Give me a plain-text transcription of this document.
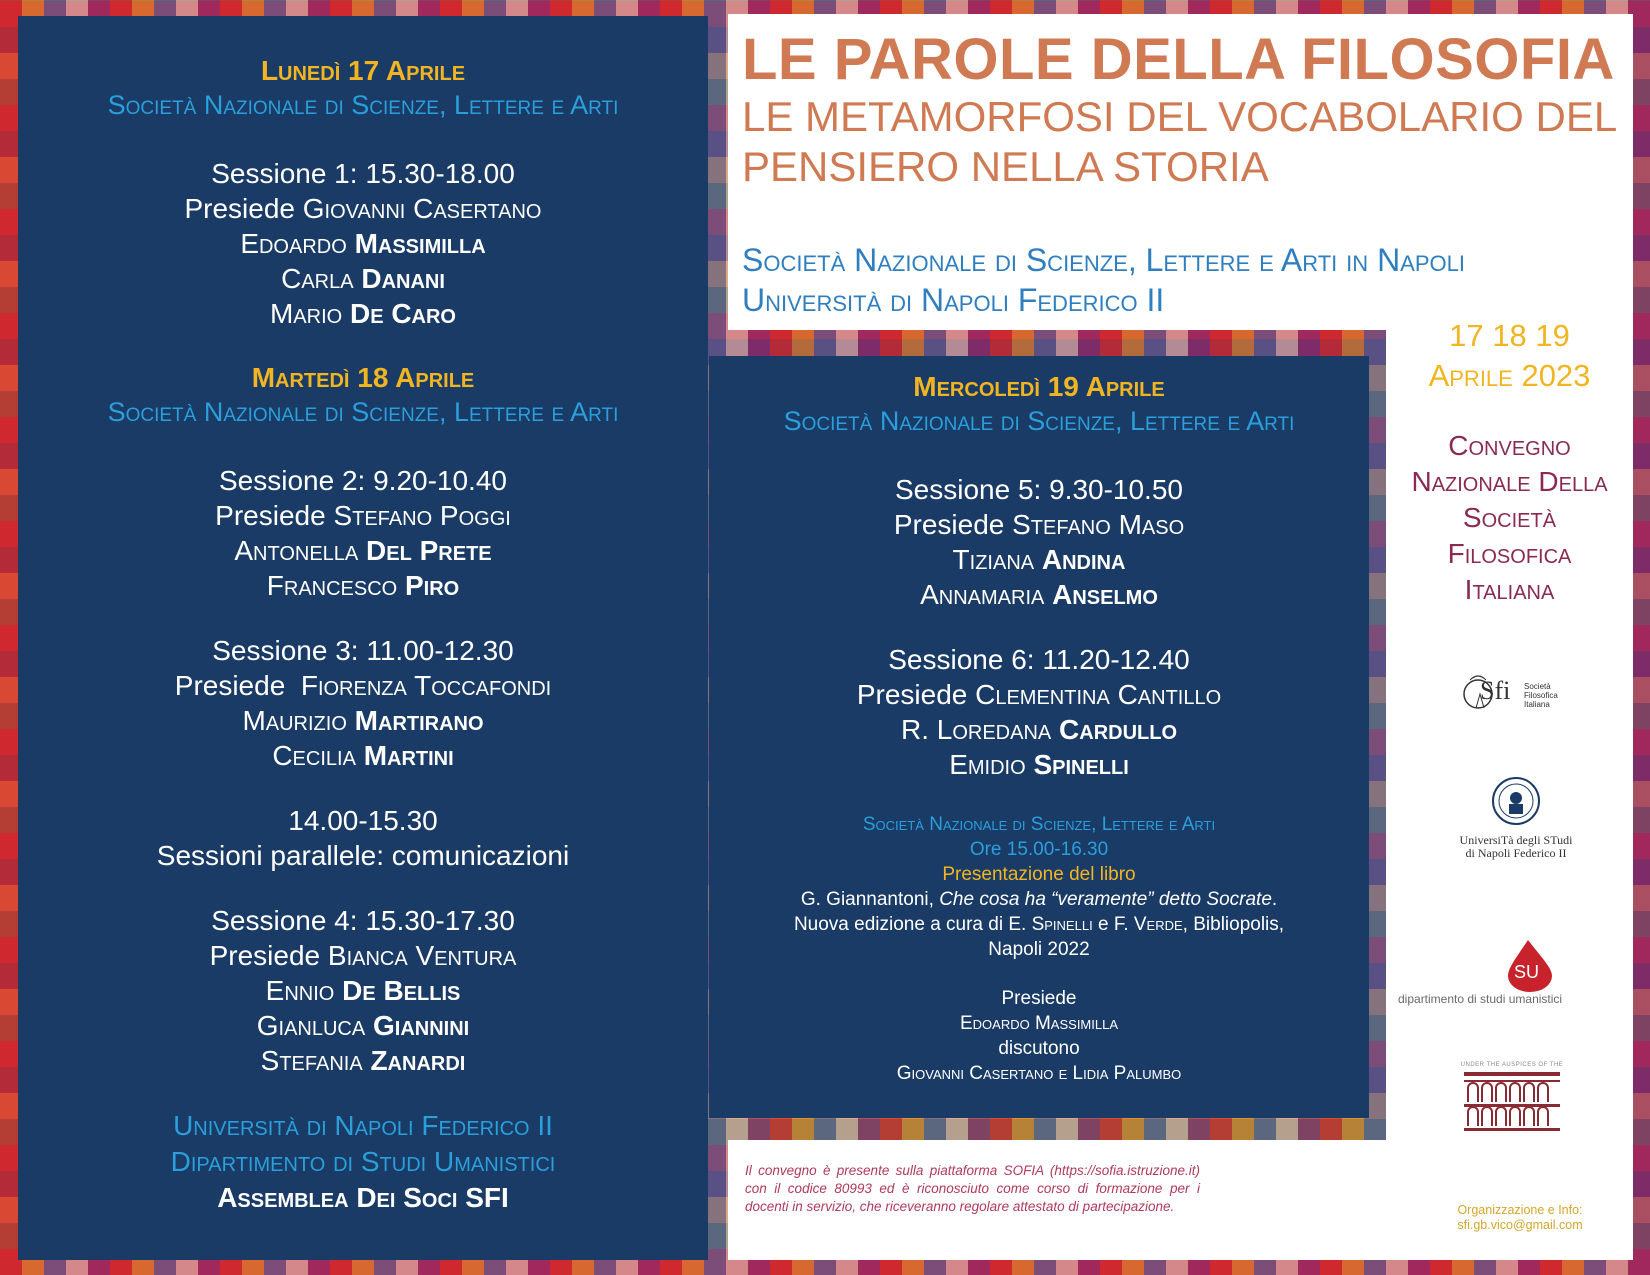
Lunedì 17 Aprile
Società Nazionale di Scienze, Lettere e Arti
Sessione 1: 15.30-18.00
Presiede Giovanni Casertano
Edoardo Massimilla
Carla Danani
Mario De Caro
Martedì 18 Aprile
Società Nazionale di Scienze, Lettere e Arti
Sessione 2: 9.20-10.40
Presiede Stefano Poggi
Antonella Del Prete
Francesco Piro
Sessione 3: 11.00-12.30
Presiede  Fiorenza Toccafondi
Maurizio Martirano
Cecilia Martini
14.00-15.30
Sessioni parallele: comunicazioni
Sessione 4: 15.30-17.30
Presiede Bianca Ventura
Ennio De Bellis
Gianluca Giannini
Stefania Zanardi
Università di Napoli Federico II
Dipartimento di Studi Umanistici
Assemblea Dei Soci SFI
LE PAROLE DELLA FILOSOFIA
LE METAMORFOSI DEL VOCABOLARIO DEL
PENSIERO NELLA STORIA
Società Nazionale di Scienze, Lettere e Arti in Napoli
Università di Napoli Federico II
17 18 19
Aprile 2023
Convegno
Nazionale Della
Società
Filosofica
Italiana
Sfi Società Filosofica Italiana
UniversiTà degli STudi
di Napoli Federico II
SU
dipartimento di studi umanistici
UNDER THE AUSPICES OF THE
Mercoledì 19 Aprile
Società Nazionale di Scienze, Lettere e Arti
Sessione 5: 9.30-10.50
Presiede Stefano Maso
Tiziana Andina
Annamaria Anselmo
Sessione 6: 11.20-12.40
Presiede Clementina Cantillo
R. Loredana Cardullo
Emidio Spinelli
Società Nazionale di Scienze, Lettere e Arti
Ore 15.00-16.30
Presentazione del libro
G. Giannantoni, Che cosa ha “veramente” detto Socrate.
Nuova edizione a cura di E. Spinelli e F. Verde, Bibliopolis,
Napoli 2022
Presiede
Edoardo Massimilla
discutono
Giovanni Casertano e Lidia Palumbo
Il convegno è presente sulla piattaforma SOFIA (https://sofia.istruzione.it) con il codice 80993 ed è riconosciuto come corso di formazione per i docenti in servizio, che riceveranno regolare attestato di partecipazione.	Organizzazione e Info:
sfi.gb.vico@gmail.com
